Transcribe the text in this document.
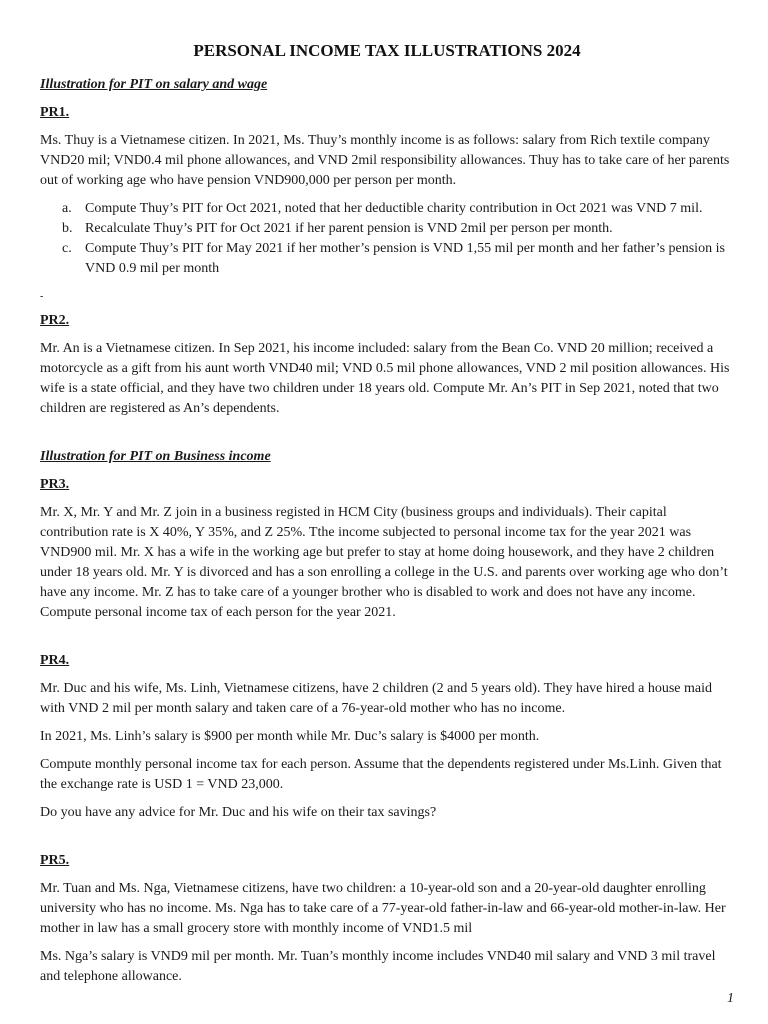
PERSONAL INCOME TAX ILLUSTRATIONS 2024
Illustration for PIT on salary and wage
PR1.

Ms. Thuy is a Vietnamese citizen. In 2021, Ms. Thuy’s monthly income is as follows: salary from Rich textile company VND20 mil; VND0.4 mil phone allowances, and VND 2mil responsibility allowances. Thuy has to take care of her parents out of working age who have pension VND900,000 per person per month.

a. Compute Thuy’s PIT for Oct 2021, noted that her deductible charity contribution in Oct 2021 was VND 7 mil.
b. Recalculate Thuy’s PIT for Oct 2021 if her parent pension is VND 2mil per person per month.
c. Compute Thuy’s PIT for May 2021 if her mother’s pension is VND 1,55 mil per month and her father’s pension is VND 0.9 mil per month
-
PR2.

Mr. An is a Vietnamese citizen. In Sep 2021, his income included: salary from the Bean Co. VND 20 million; received a motorcycle as a gift from his aunt worth VND40 mil; VND 0.5 mil phone allowances, VND 2 mil position allowances. His wife is a state official, and they have two children under 18 years old. Compute Mr. An’s PIT in Sep 2021, noted that two children are registered as An’s dependents.

Illustration for PIT on Business income
PR3.

Mr. X, Mr. Y and Mr. Z join in a business registed in HCM City (business groups and individuals). Their capital contribution rate is X 40%, Y 35%, and Z 25%. Tthe income subjected to personal income tax for the year 2021 was VND900 mil. Mr. X has a wife in the working age but prefer to stay at home doing housework, and they have 2 children under 18 years old. Mr. Y is divorced and has a son enrolling a college in the U.S. and parents over working age who don’t have any income. Mr. Z has to take care of a younger brother who is disabled to work and does not have any income. Compute personal income tax of each person for the year 2021.

PR4.

Mr. Duc and his wife, Ms. Linh, Vietnamese citizens, have 2 children (2 and 5 years old). They have hired a house maid with VND 2 mil per month salary and taken care of a 76-year-old mother who has no income.

In 2021, Ms. Linh’s salary is $900 per month while Mr. Duc’s salary is $4000 per month.

Compute monthly personal income tax for each person. Assume that the dependents registered under Ms.Linh. Given that the exchange rate is USD 1 = VND 23,000.

Do you have any advice for Mr. Duc and his wife on their tax savings?

PR5.

Mr. Tuan and Ms. Nga, Vietnamese citizens, have two children: a 10-year-old son and a 20-year-old daughter enrolling university who has no income. Ms. Nga has to take care of a 77-year-old father-in-law and 66-year-old mother-in-law. Her mother in law has a small grocery store with monthly income of VND1.5 mil

Ms. Nga’s salary is VND9 mil per month. Mr. Tuan’s monthly income includes VND40 mil salary and VND 3 mil travel and telephone allowance.

1
